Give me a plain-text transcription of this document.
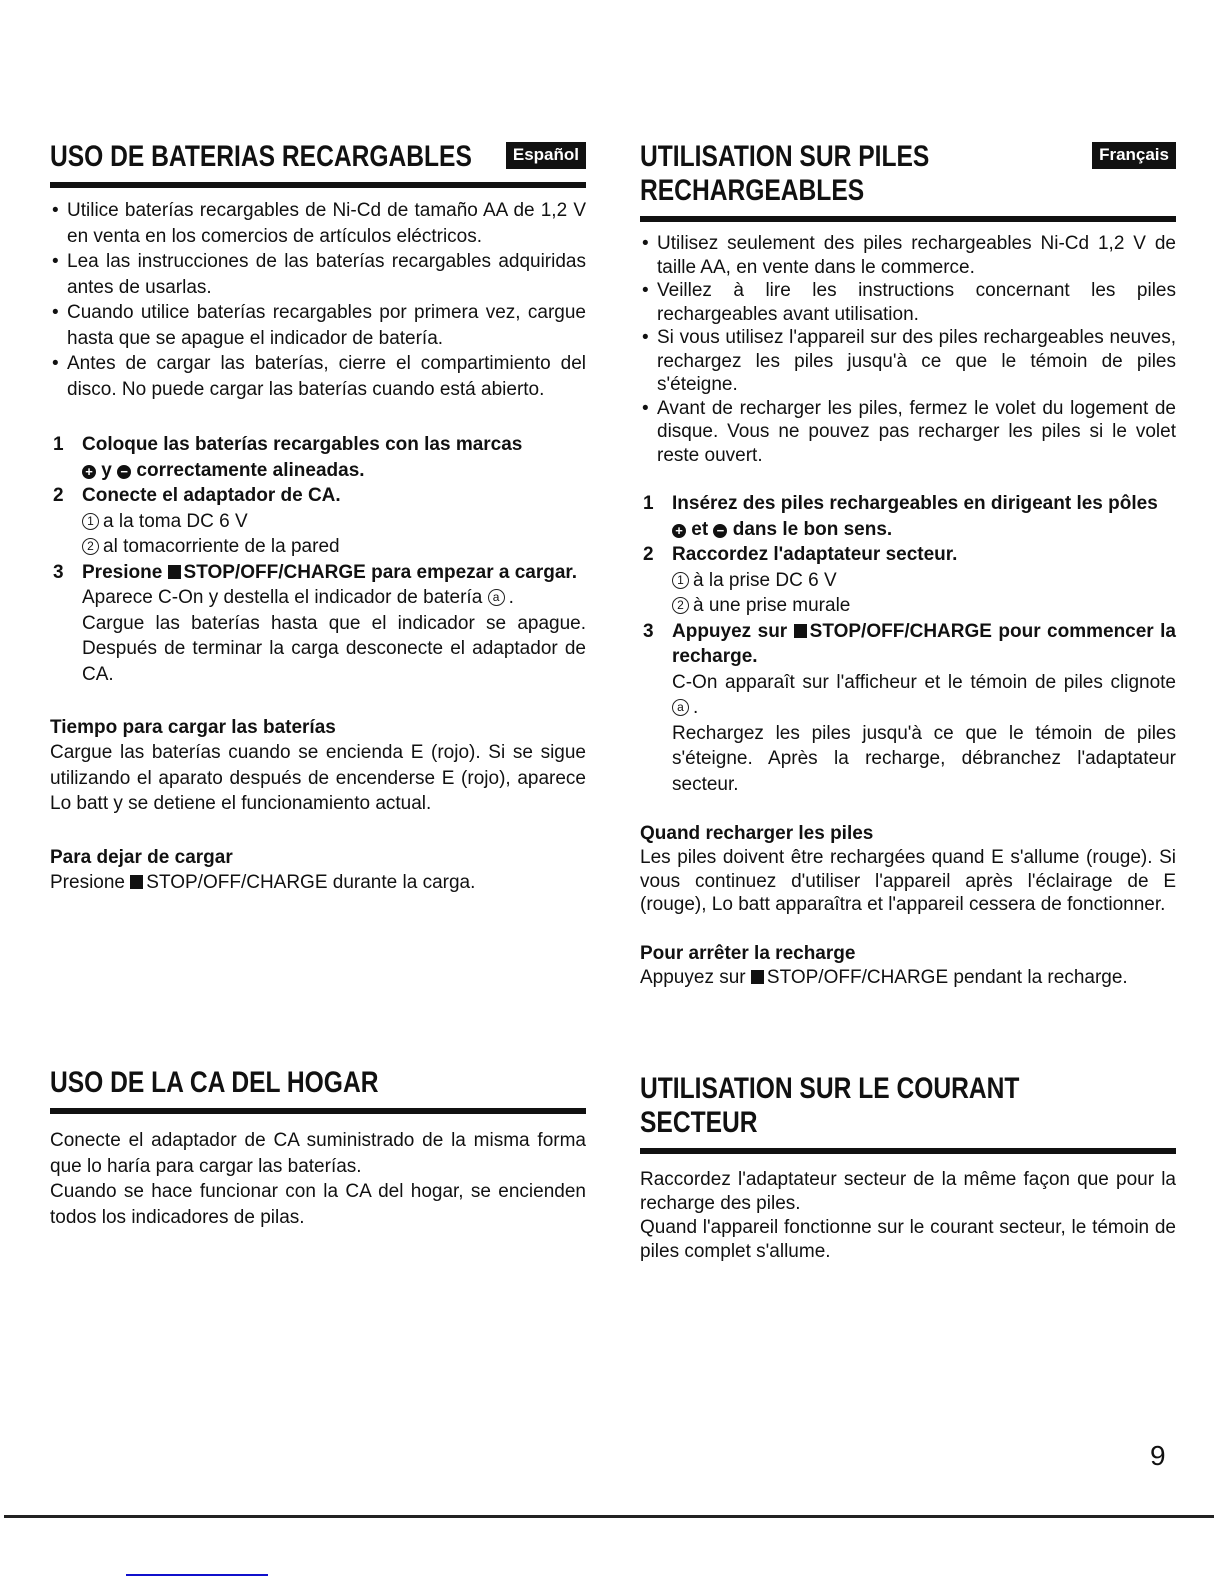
USO DE BATERIAS RECARGABLES	Español
• Utilice baterías recargables de Ni-Cd de tamaño AA de 1,2 V en venta en los comercios de artículos eléctricos.
• Lea las instrucciones de las baterías recargables adquiridas antes de usarlas.
• Cuando utilice baterías recargables por primera vez, cargue hasta que se apague el indicador de batería.
• Antes de cargar las baterías, cierre el compartimiento del disco. No puede cargar las baterías cuando está abierto.
1 Coloque las baterías recargables con las marcas
+ y − correctamente alineadas.
2 Conecte el adaptador de CA.
1 a la toma DC 6 V
2 al tomacorriente de la pared
3 Presione STOP/OFF/CHARGE para empezar a cargar.
Aparece C-On y destella el indicador de batería a .
Cargue las baterías hasta que el indicador se apague. Después de terminar la carga desconecte el adaptador de CA.

Tiempo para cargar las baterías

Cargue las baterías cuando se encienda E (rojo). Si se sigue utilizando el aparato después de encenderse E (rojo), aparece Lo batt y se detiene el funcionamiento actual.

Para dejar de cargar

Presione STOP/OFF/CHARGE durante la carga.

USO DE LA CA DEL HOGAR

Conecte el adaptador de CA suministrado de la misma forma que lo haría para cargar las baterías.

Cuando se hace funcionar con la CA del hogar, se encienden todos los indicadores de pilas.

UTILISATION SUR PILES
RECHARGEABLES
Français
• Utilisez seulement des piles rechargeables Ni-Cd 1,2 V de taille AA, en vente dans le commerce.
• Veillez à lire les instructions concernant les piles rechargeables avant utilisation.
• Si vous utilisez l'appareil sur des piles rechargeables neuves, rechargez les piles jusqu'à ce que le témoin de piles s'éteigne.
• Avant de recharger les piles, fermez le volet du logement de disque. Vous ne pouvez pas recharger les piles si le volet reste ouvert.
1 Insérez des piles rechargeables en dirigeant les pôles + et − dans le bon sens.
2 Raccordez l'adaptateur secteur.
1 à la prise DC 6 V
2 à une prise murale
3 Appuyez sur STOP/OFF/CHARGE pour commencer la recharge.
C-On apparaît sur l'afficheur et le témoin de piles clignote a .
Rechargez les piles jusqu'à ce que le témoin de piles s'éteigne. Après la recharge, débranchez l'adaptateur secteur.

Quand recharger les piles

Les piles doivent être rechargées quand E s'allume (rouge). Si vous continuez d'utiliser l'appareil après l'éclairage de E (rouge), Lo batt apparaîtra et l'appareil cessera de fonctionner.

Pour arrêter la recharge

Appuyez sur STOP/OFF/CHARGE pendant la recharge.

UTILISATION SUR LE COURANT
SECTEUR

Raccordez l'adaptateur secteur de la même façon que pour la recharge des piles.

Quand l'appareil fonctionne sur le courant secteur, le témoin de piles complet s'allume.

9
